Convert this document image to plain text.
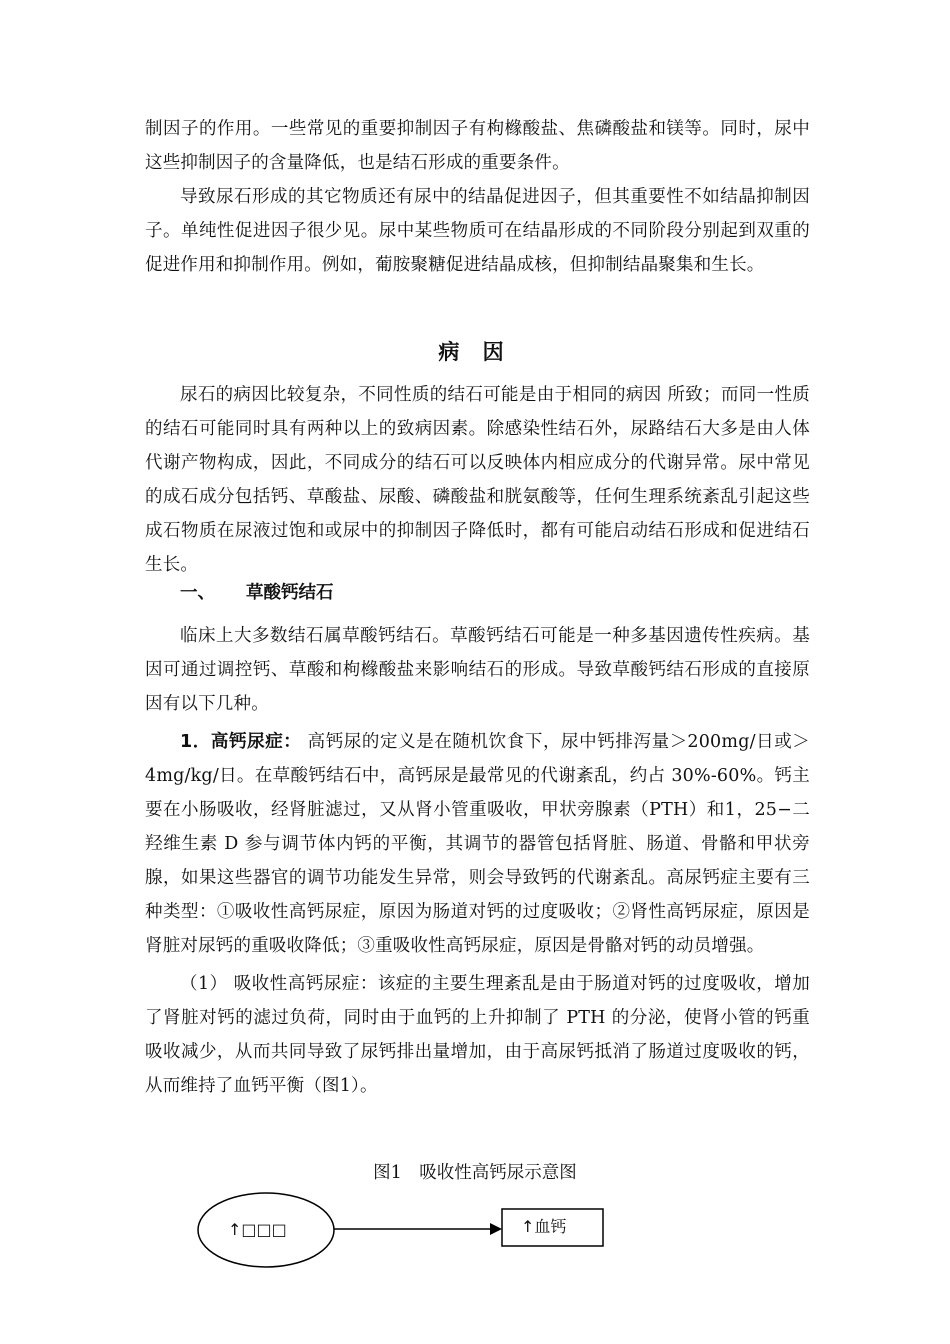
制因子的作用。一些常见的重要抑制因子有枸橼酸盐、焦磷酸盐和镁等。同时，尿中这些抑制因子的含量降低，也是结石形成的重要条件。

导致尿石形成的其它物质还有尿中的结晶促进因子，但其重要性不如结晶抑制因子。单纯性促进因子很少见。尿中某些物质可在结晶形成的不同阶段分别起到双重的促进作用和抑制作用。例如，葡胺聚糖促进结晶成核，但抑制结晶聚集和生长。

病 因

尿石的病因比较复杂，不同性质的结石可能是由于相同的病因 所致；而同一性质的结石可能同时具有两种以上的致病因素。除感染性结石外，尿路结石大多是由人体代谢产物构成，因此，不同成分的结石可以反映体内相应成分的代谢异常。尿中常见的成石成分包括钙、草酸盐、尿酸、磷酸盐和胱氨酸等，任何生理系统紊乱引起这些成石物质在尿液过饱和或尿中的抑制因子降低时，都有可能启动结石形成和促进结石生长。

一、 草酸钙结石

临床上大多数结石属草酸钙结石。草酸钙结石可能是一种多基因遗传性疾病。基因可通过调控钙、草酸和枸橼酸盐来影响结石的形成。导致草酸钙结石形成的直接原因有以下几种。

1．高钙尿症： 高钙尿的定义是在随机饮食下，尿中钙排泻量＞200mg/日或＞4mg/kg/日。在草酸钙结石中，高钙尿是最常见的代谢紊乱，约占 30%-60%。钙主要在小肠吸收，经肾脏滤过，又从肾小管重吸收，甲状旁腺素（PTH）和1，25−二羟维生素 D 参与调节体内钙的平衡，其调节的器管包括肾脏、肠道、骨骼和甲状旁腺，如果这些器官的调节功能发生异常，则会导致钙的代谢紊乱。高尿钙症主要有三种类型：①吸收性高钙尿症，原因为肠道对钙的过度吸收；②肾性高钙尿症，原因是肾脏对尿钙的重吸收降低；③重吸收性高钙尿症，原因是骨骼对钙的动员增强。

（1） 吸收性高钙尿症：该症的主要生理紊乱是由于肠道对钙的过度吸收，增加了肾脏对钙的滤过负荷，同时由于血钙的上升抑制了 PTH 的分泌，使肾小管的钙重吸收减少，从而共同导致了尿钙排出量增加，由于高尿钙抵消了肠道过度吸收的钙，从而维持了血钙平衡（图1）。

图1　吸收性高钙尿示意图
↑□□□	↑血钙
